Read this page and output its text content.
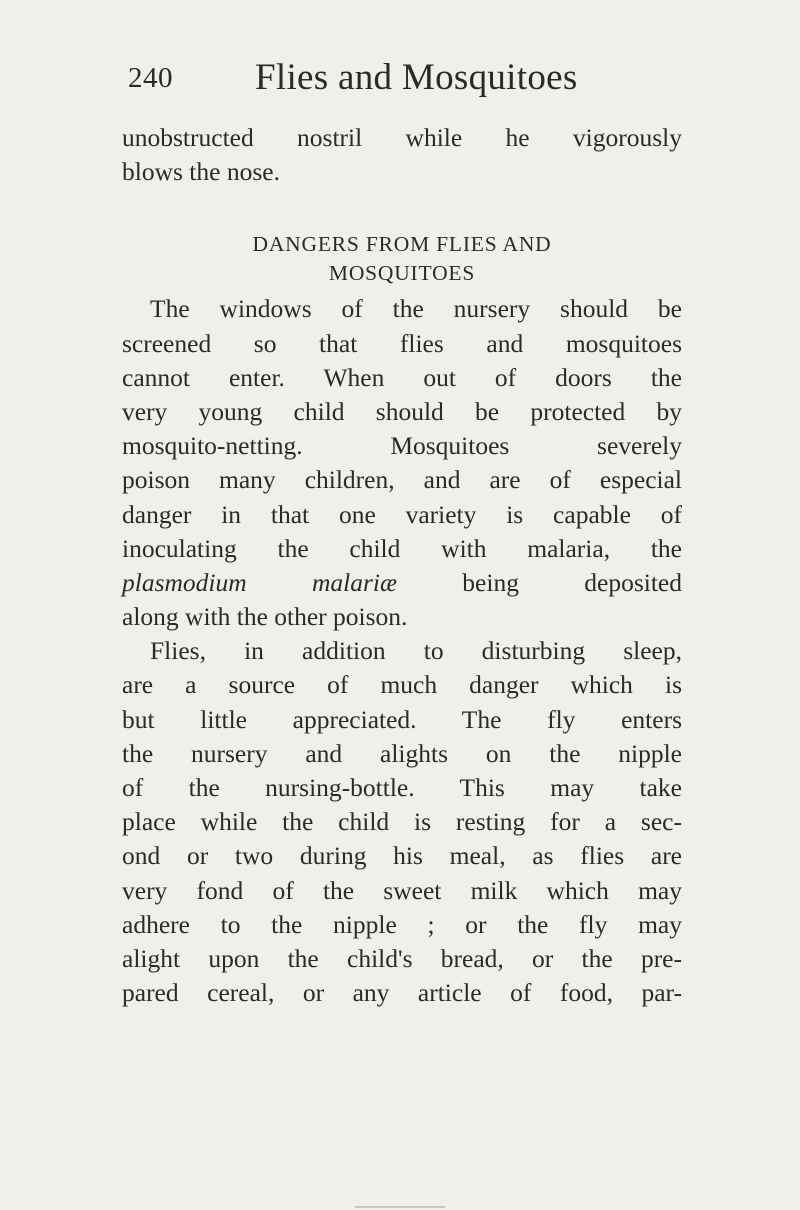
240 Flies and Mosquitoes
unobstructed nostril while he vigorously
blows the nose.
DANGERS FROM FLIES AND
MOSQUITOES
The windows of the nursery should be
screened so that flies and mosquitoes
cannot enter. When out of doors the
very young child should be protected by
mosquito-netting. Mosquitoes severely
poison many children, and are of especial
danger in that one variety is capable of
inoculating the child with malaria, the
plasmodium malariæ being deposited
along with the other poison.
Flies, in addition to disturbing sleep,
are a source of much danger which is
but little appreciated. The fly enters
the nursery and alights on the nipple
of the nursing-bottle. This may take
place while the child is resting for a sec-
ond or two during his meal, as flies are
very fond of the sweet milk which may
adhere to the nipple ; or the fly may
alight upon the child's bread, or the pre-
pared cereal, or any article of food, par-
